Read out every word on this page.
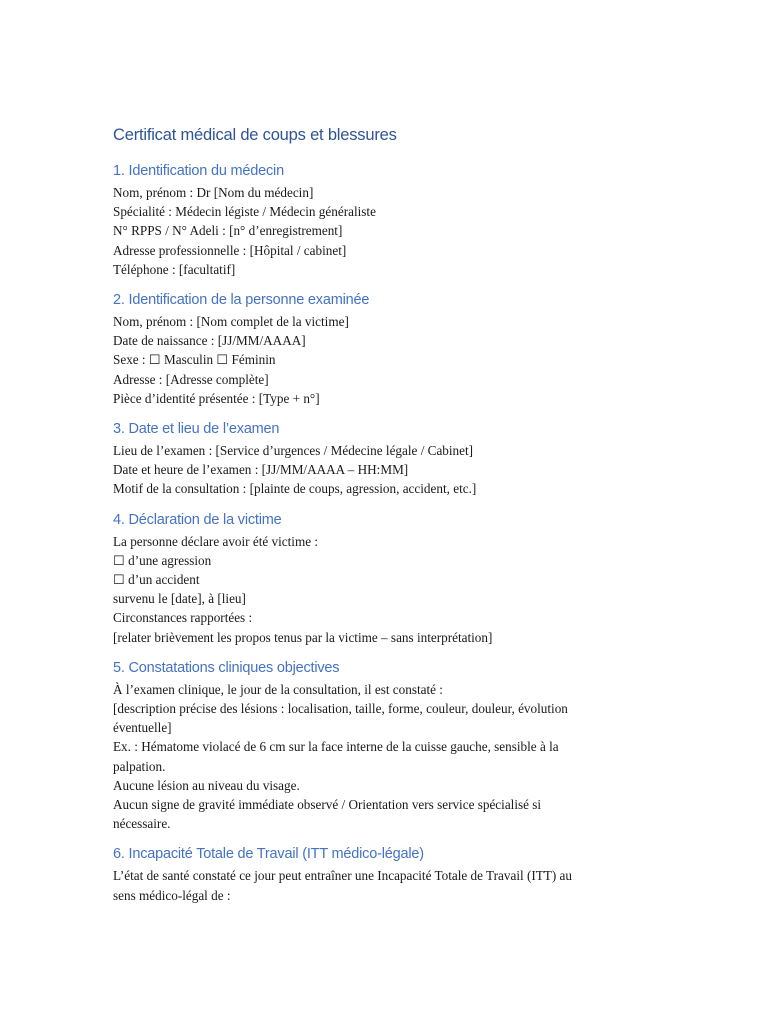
Certificat médical de coups et blessures
1. Identification du médecin

Nom, prénom : Dr [Nom du médecin]

Spécialité : Médecin légiste / Médecin généraliste

N° RPPS / N° Adeli : [n° d’enregistrement]

Adresse professionnelle : [Hôpital / cabinet]

Téléphone : [facultatif]

2. Identification de la personne examinée

Nom, prénom : [Nom complet de la victime]

Date de naissance : [JJ/MM/AAAA]

Sexe : ☐ Masculin ☐ Féminin

Adresse : [Adresse complète]

Pièce d’identité présentée : [Type + n°]

3. Date et lieu de l’examen

Lieu de l’examen : [Service d’urgences / Médecine légale / Cabinet]

Date et heure de l’examen : [JJ/MM/AAAA – HH:MM]

Motif de la consultation : [plainte de coups, agression, accident, etc.]

4. Déclaration de la victime

La personne déclare avoir été victime :

☐ d’une agression

☐ d’un accident

survenu le [date], à [lieu]

Circonstances rapportées :

[relater brièvement les propos tenus par la victime – sans interprétation]

5. Constatations cliniques objectives

À l’examen clinique, le jour de la consultation, il est constaté :

[description précise des lésions : localisation, taille, forme, couleur, douleur, évolution

éventuelle]

Ex. : Hématome violacé de 6 cm sur la face interne de la cuisse gauche, sensible à la

palpation.

Aucune lésion au niveau du visage.

Aucun signe de gravité immédiate observé / Orientation vers service spécialisé si

nécessaire.

6. Incapacité Totale de Travail (ITT médico-légale)

L’état de santé constaté ce jour peut entraîner une Incapacité Totale de Travail (ITT) au

sens médico-légal de :
